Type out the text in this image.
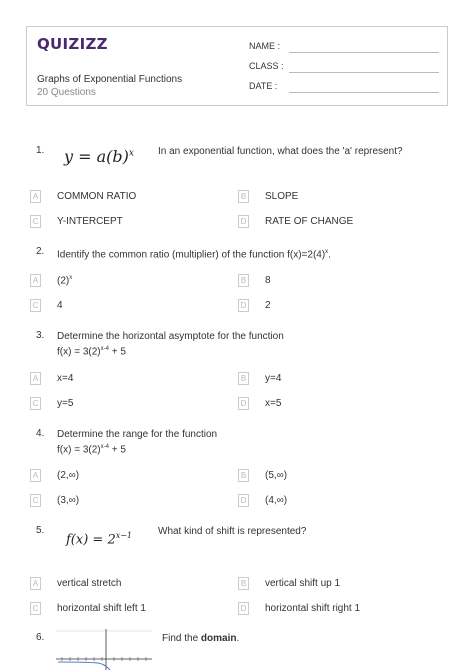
QUIZIZZ
Graphs of Exponential Functions
20 Questions
NAME :
CLASS :
DATE :
1. $y = a(b)^x$ In an exponential function, what does the 'a' represent?
A COMMON RATIO	B SLOPE
C Y-INTERCEPT	D RATE OF CHANGE
2. Identify the common ratio (multiplier) of the function $f(x)=2(4)^x$.
A $(2)^x$	B 8
C 4	D 2
3. Determine the horizontal asymptote for the function
$f(x) = 3(2)^{x-4} + 5$
A x=4	B y=4
C y=5	D x=5
4. Determine the range for the function
$f(x) = 3(2)^{x-4} + 5$
A (2,∞)	B (5,∞)
C (3,∞)	D (4,∞)
5.
$f(x) = 2^{x-1}$	What kind of shift is represented?
A vertical stretch	B vertical shift up 1
C horizontal shift left 1	D horizontal shift right 1
6.	Find the domain.
